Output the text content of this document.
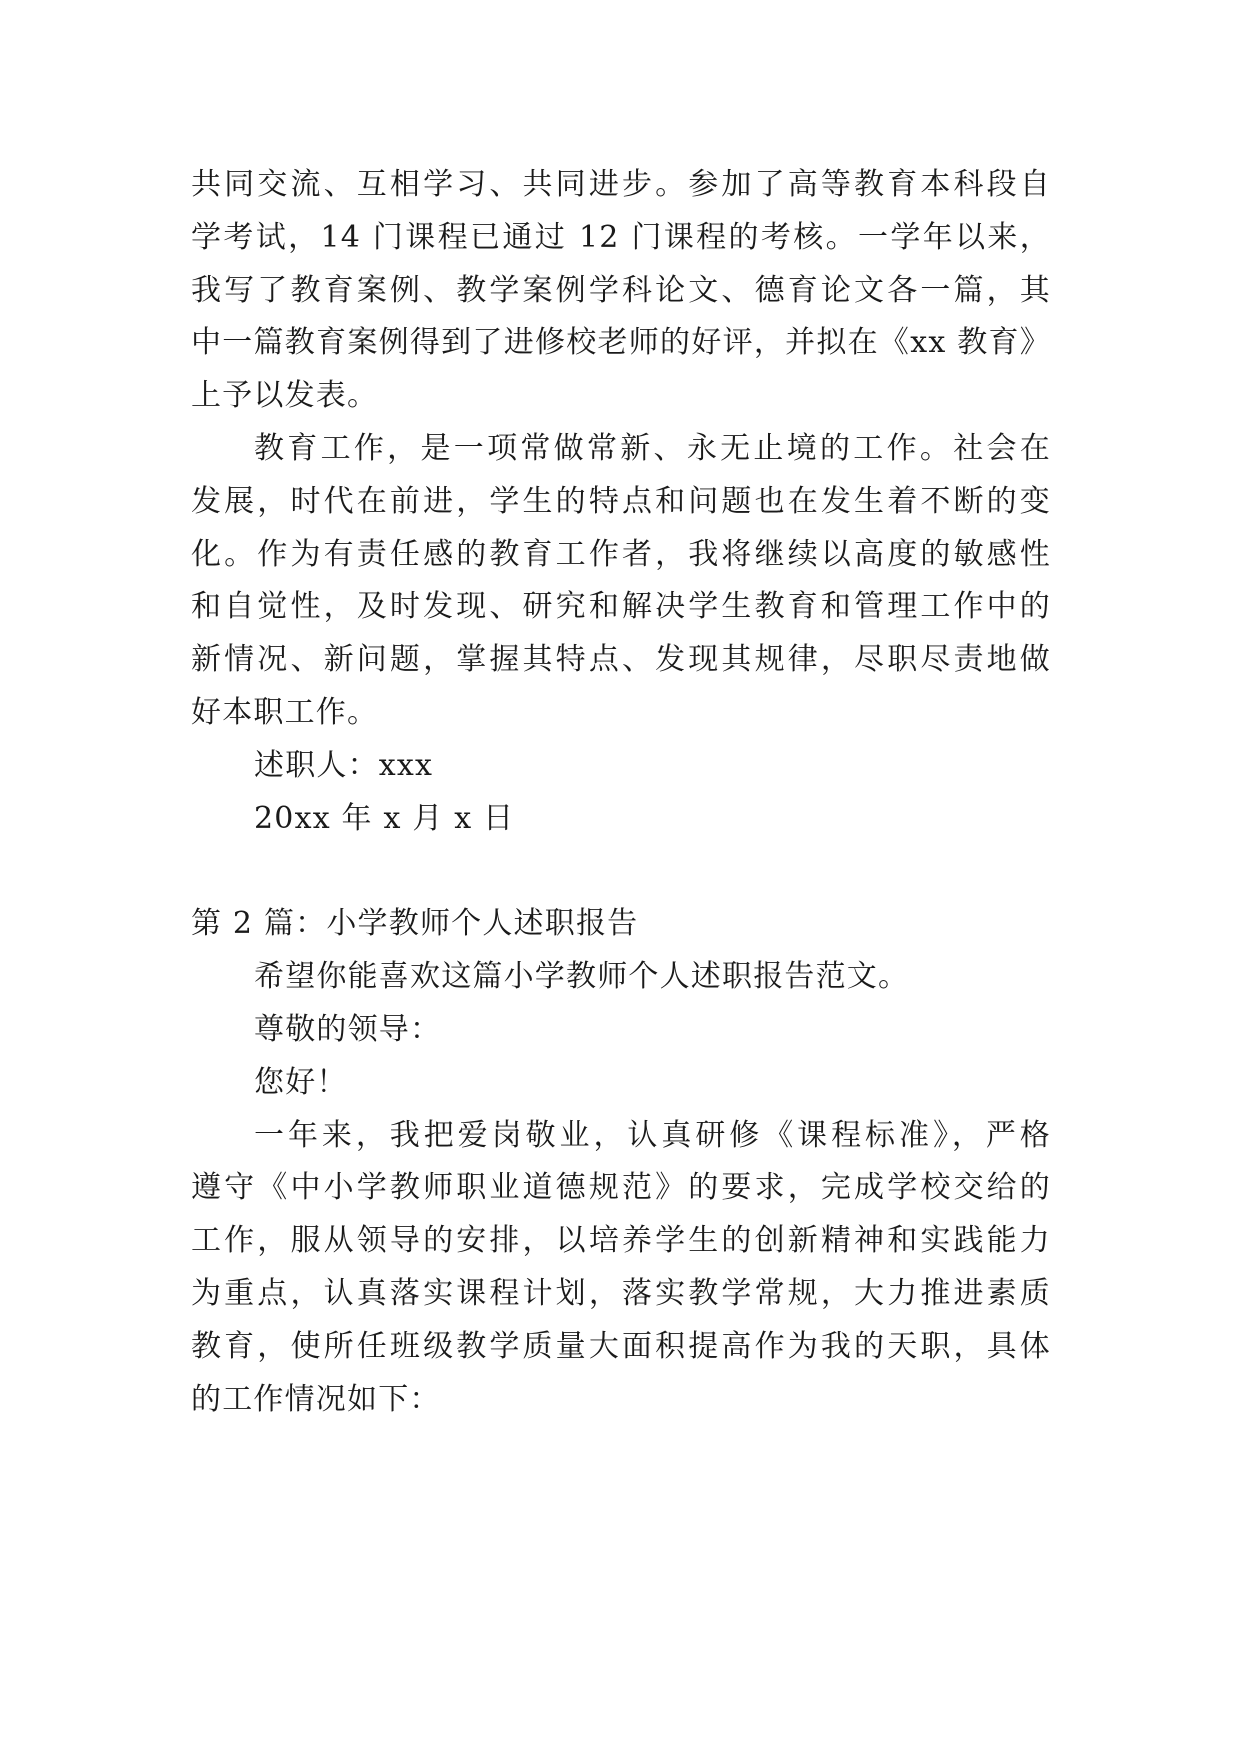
共同交流、互相学习、共同进步。参加了高等教育本科段自
学考试，14 门课程已通过 12 门课程的考核。一学年以来，
我写了教育案例、教学案例学科论文、德育论文各一篇，其
中一篇教育案例得到了进修校老师的好评，并拟在《xx 教育》
上予以发表。
教育工作，是一项常做常新、永无止境的工作。社会在
发展，时代在前进，学生的特点和问题也在发生着不断的变
化。作为有责任感的教育工作者，我将继续以高度的敏感性
和自觉性，及时发现、研究和解决学生教育和管理工作中的
新情况、新问题，掌握其特点、发现其规律，尽职尽责地做
好本职工作。
述职人：xxx
20xx 年 x 月 x 日
第 2 篇：小学教师个人述职报告
希望你能喜欢这篇小学教师个人述职报告范文。
尊敬的领导：
您好！
一年来，我把爱岗敬业，认真研修《课程标准》，严格
遵守《中小学教师职业道德规范》的要求，完成学校交给的
工作，服从领导的安排，以培养学生的创新精神和实践能力
为重点，认真落实课程计划，落实教学常规，大力推进素质
教育，使所任班级教学质量大面积提高作为我的天职，具体
的工作情况如下：
